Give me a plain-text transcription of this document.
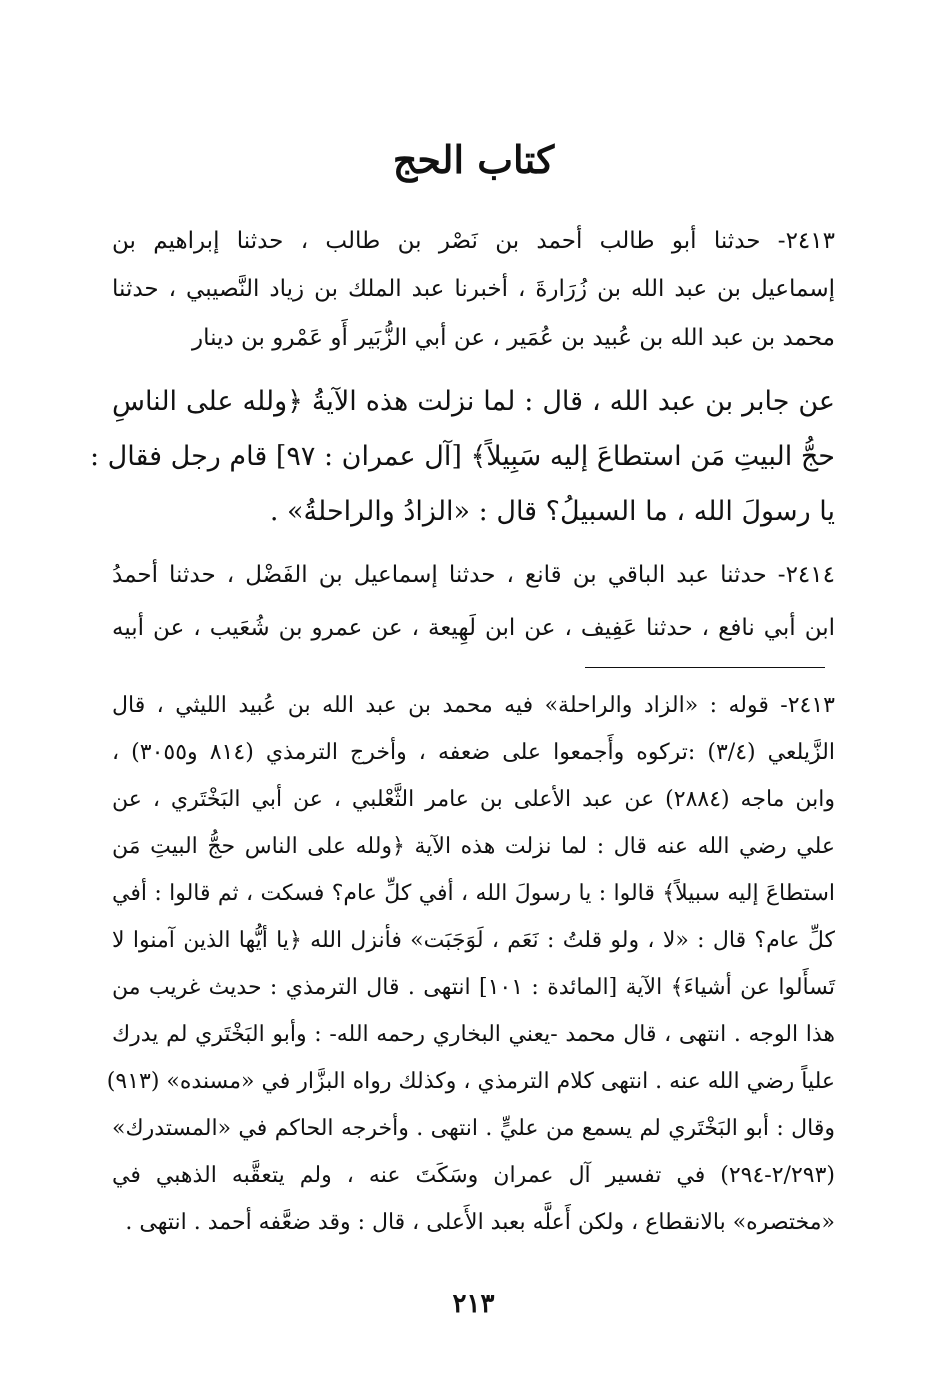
كتاب الحج

٢٤١٣- حدثنا أبو طالب أحمد بن نَصْر بن طالب ، حدثنا إبراهيم بن

إسماعيل بن عبد الله بن زُرَارةَ ، أخبرنا عبد الملك بن زياد النَّصيبي ، حدثنا

محمد بن عبد الله بن عُبيد بن عُمَير ، عن أبي الزُّبَير أَو عَمْرو بن دينار

عن جابر بن عبد الله ، قال : لما نزلت هذه الآيةُ ﴿ولله على الناسِ

حجُّ البيتِ مَن استطاعَ إليه سَبِيلاً﴾ [آل عمران : ٩٧] قام رجل فقال :

يا رسولَ الله ، ما السبيلُ؟ قال : «الزادُ والراحلةُ» .

٢٤١٤- حدثنا عبد الباقي بن قانع ، حدثنا إسماعيل بن الفَضْل ، حدثنا أحمدُ

ابن أبي نافع ، حدثنا عَفِيف ، عن ابن لَهِيعة ، عن عمرو بن شُعَيب ، عن أبيه

٢٤١٣- قوله : «الزاد والراحلة» فيه محمد بن عبد الله بن عُبيد الليثي ، قال

الزَّيلعي (٣/٤) :تركوه وأَجمعوا على ضعفه ، وأخرج الترمذي (٨١٤ و٣٠٥٥) ،

وابن ماجه (٢٨٨٤) عن عبد الأعلى بن عامر الثَّعْلبي ، عن أبي البَخْتَري ، عن

علي رضي الله عنه قال : لما نزلت هذه الآية ﴿ولله على الناس حجُّ البيتِ مَن

استطاعَ إليه سبيلاً﴾ قالوا : يا رسولَ الله ، أفي كلِّ عام؟ فسكت ، ثم قالوا : أفي

كلِّ عام؟ قال : «لا ، ولو قلتُ : نَعَم ، لَوَجَبَت» فأنزل الله ﴿يا أيُّها الذين آمنوا لا

تَسأَلوا عن أشياءَ﴾ الآية [المائدة : ١٠١] انتهى . قال الترمذي : حديث غريب من

هذا الوجه . انتهى ، قال محمد -يعني البخاري رحمه الله- : وأبو البَخْتَري لم يدرك

علياً رضي الله عنه . انتهى كلام الترمذي ، وكذلك رواه البزَّار في «مسنده» (٩١٣)

وقال : أبو البَخْتَري لم يسمع من عليٍّ . انتهى . وأخرجه الحاكم في «المستدرك»

(٢/٢٩٣-٢٩٤) في تفسير آل عمران وسَكَتَ عنه ، ولم يتعقَّبه الذهبي في

«مختصره» بالانقطاع ، ولكن أَعلَّه بعبد الأَعلى ، قال : وقد ضعَّفه أحمد . انتهى .

٢١٣
